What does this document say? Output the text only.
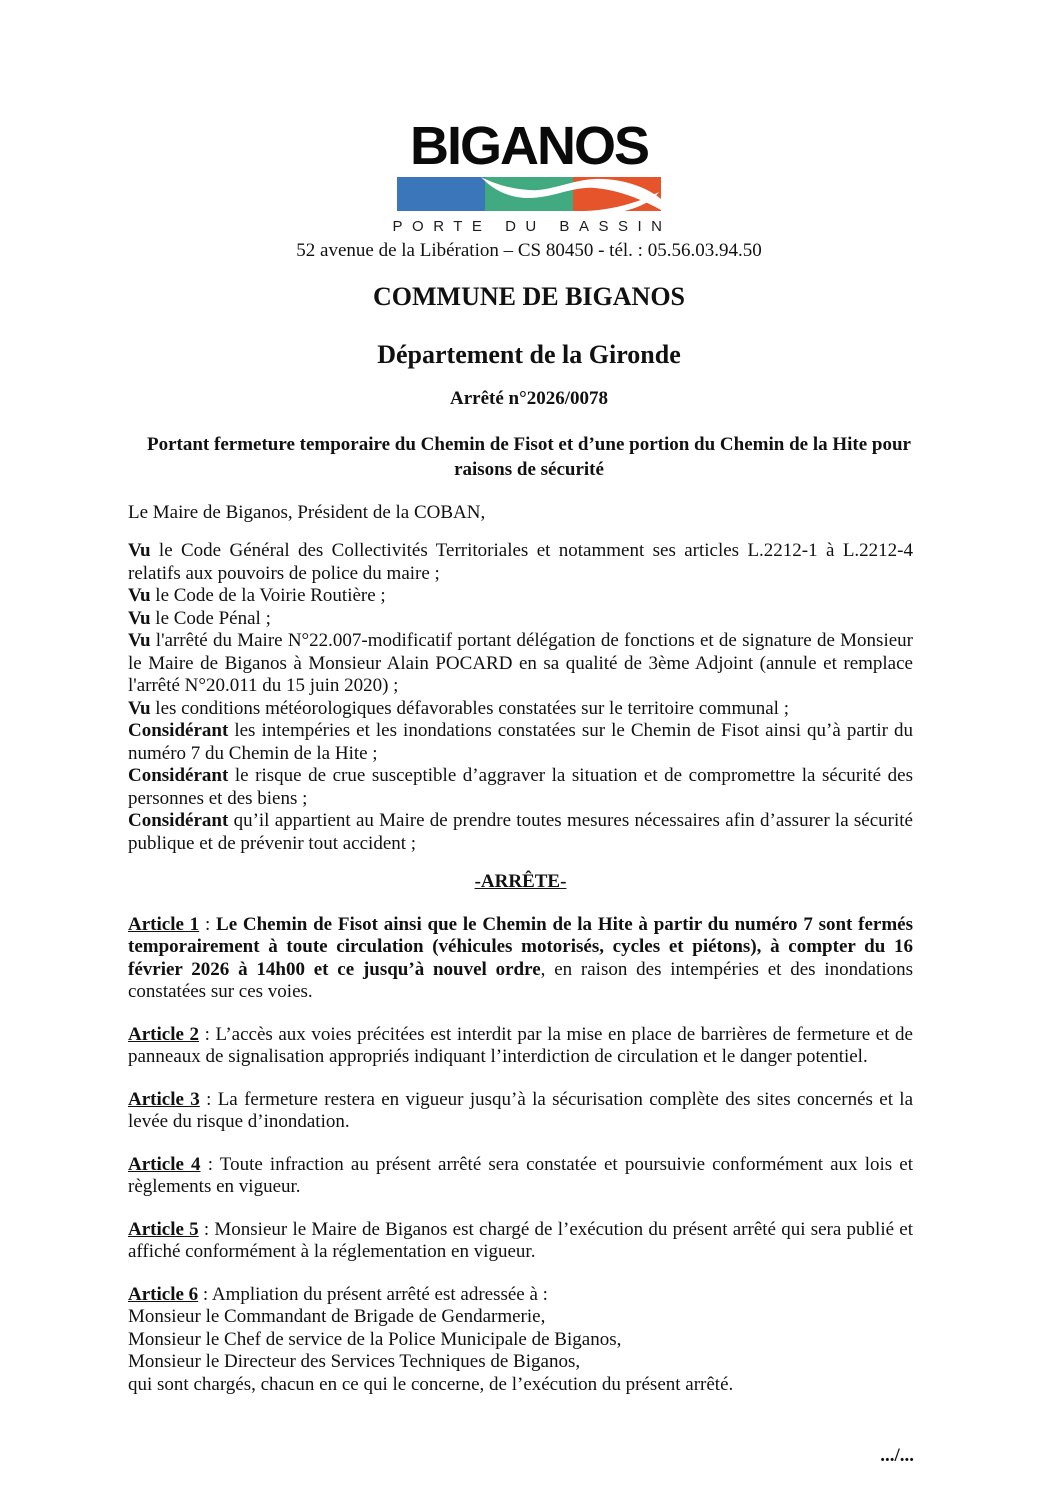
BIGANOS
PORTE DU BASSIN
52 avenue de la Libération – CS 80450 - tél. : 05.56.03.94.50
COMMUNE DE BIGANOS
Département de la Gironde
Arrêté n°2026/0078
Portant fermeture temporaire du Chemin de Fisot et d’une portion du Chemin de la Hite pour raisons de sécurité

Le Maire de Biganos, Président de la COBAN,

Vu le Code Général des Collectivités Territoriales et notamment ses articles L.2212-1 à L.2212-4 relatifs aux pouvoirs de police du maire ;

Vu le Code de la Voirie Routière ;

Vu le Code Pénal ;

Vu l'arrêté du Maire N°22.007-modificatif portant délégation de fonctions et de signature de Monsieur le Maire de Biganos à Monsieur Alain POCARD en sa qualité de 3ème Adjoint (annule et remplace l'arrêté N°20.011 du 15 juin 2020) ;

Vu les conditions météorologiques défavorables constatées sur le territoire communal ;

Considérant les intempéries et les inondations constatées sur le Chemin de Fisot ainsi qu’à partir du numéro 7 du Chemin de la Hite ;

Considérant le risque de crue susceptible d’aggraver la situation et de compromettre la sécurité des personnes et des biens ;

Considérant qu’il appartient au Maire de prendre toutes mesures nécessaires afin d’assurer la sécurité publique et de prévenir tout accident ;

-ARRÊTE-

Article 1 : Le Chemin de Fisot ainsi que le Chemin de la Hite à partir du numéro 7 sont fermés temporairement à toute circulation (véhicules motorisés, cycles et piétons), à compter du 16 février 2026 à 14h00 et ce jusqu’à nouvel ordre, en raison des intempéries et des inondations constatées sur ces voies.

Article 2 : L’accès aux voies précitées est interdit par la mise en place de barrières de fermeture et de panneaux de signalisation appropriés indiquant l’interdiction de circulation et le danger potentiel.

Article 3 : La fermeture restera en vigueur jusqu’à la sécurisation complète des sites concernés et la levée du risque d’inondation.

Article 4 : Toute infraction au présent arrêté sera constatée et poursuivie conformément aux lois et règlements en vigueur.

Article 5 : Monsieur le Maire de Biganos est chargé de l’exécution du présent arrêté qui sera publié et affiché conformément à la réglementation en vigueur.

Article 6 : Ampliation du présent arrêté est adressée à :

Monsieur le Commandant de Brigade de Gendarmerie,

Monsieur le Chef de service de la Police Municipale de Biganos,

Monsieur le Directeur des Services Techniques de Biganos,

qui sont chargés, chacun en ce qui le concerne, de l’exécution du présent arrêté.

.../...
